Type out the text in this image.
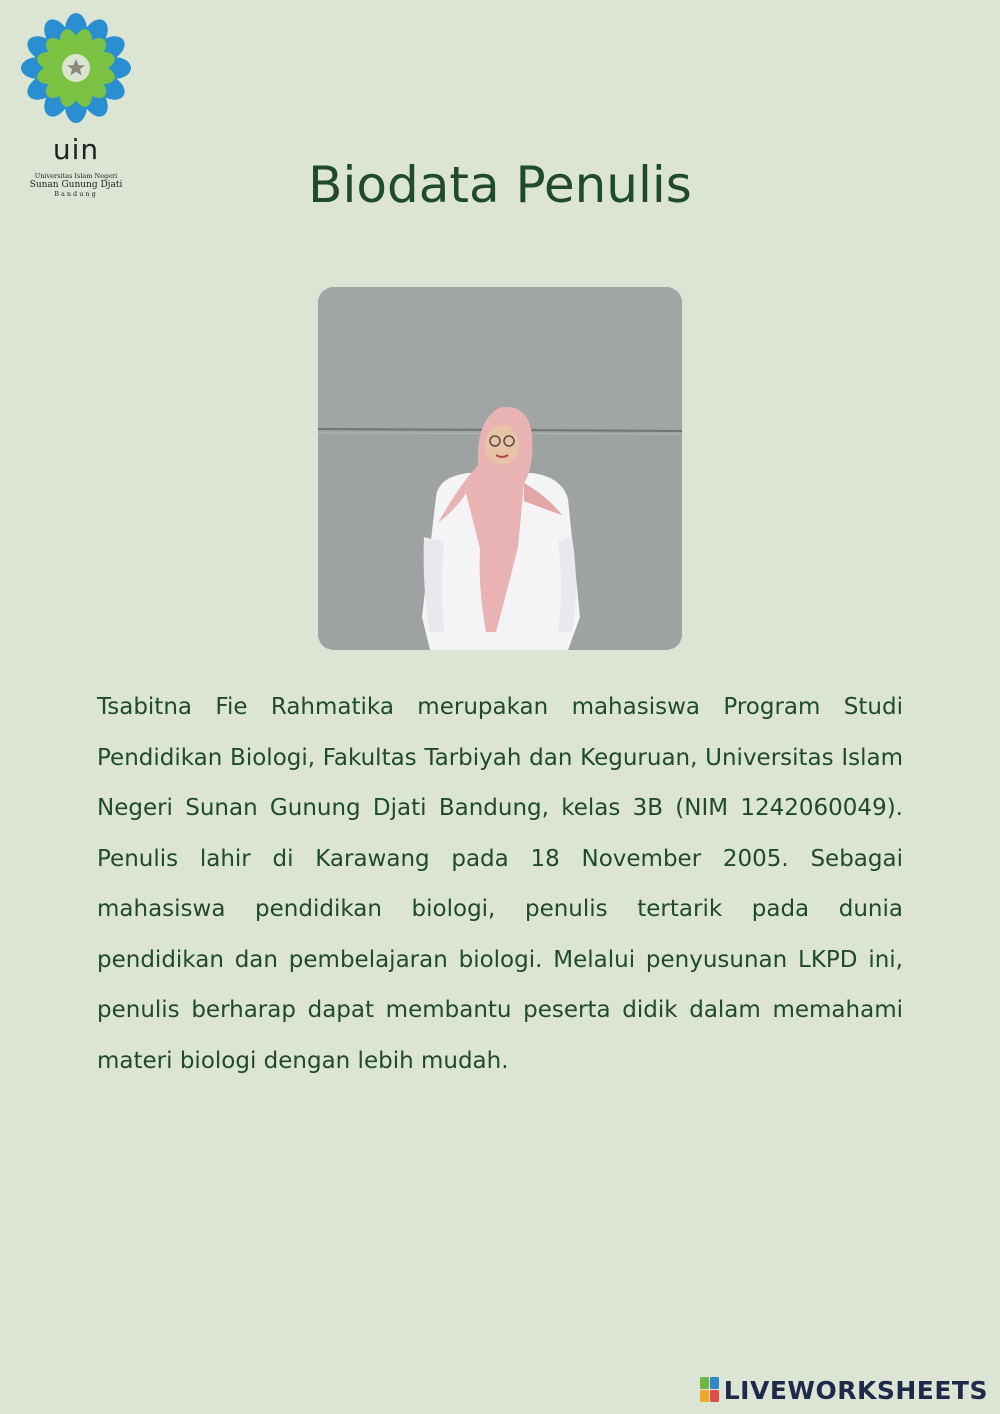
uin
Universitas Islam Negeri
Sunan Gunung Djati
Bandung	Biodata Penulis

Tsabitna Fie Rahmatika merupakan mahasiswa Program Studi Pendidikan Biologi, Fakultas Tarbiyah dan Keguruan, Universitas Islam Negeri Sunan Gunung Djati Bandung, kelas 3B (NIM 1242060049). Penulis lahir di Karawang pada 18 November 2005. Sebagai mahasiswa pendidikan biologi, penulis tertarik pada dunia pendidikan dan pembelajaran biologi. Melalui penyusunan LKPD ini, penulis berharap dapat membantu peserta didik dalam memahami materi biologi dengan lebih mudah.

LIVEWORKSHEETS
